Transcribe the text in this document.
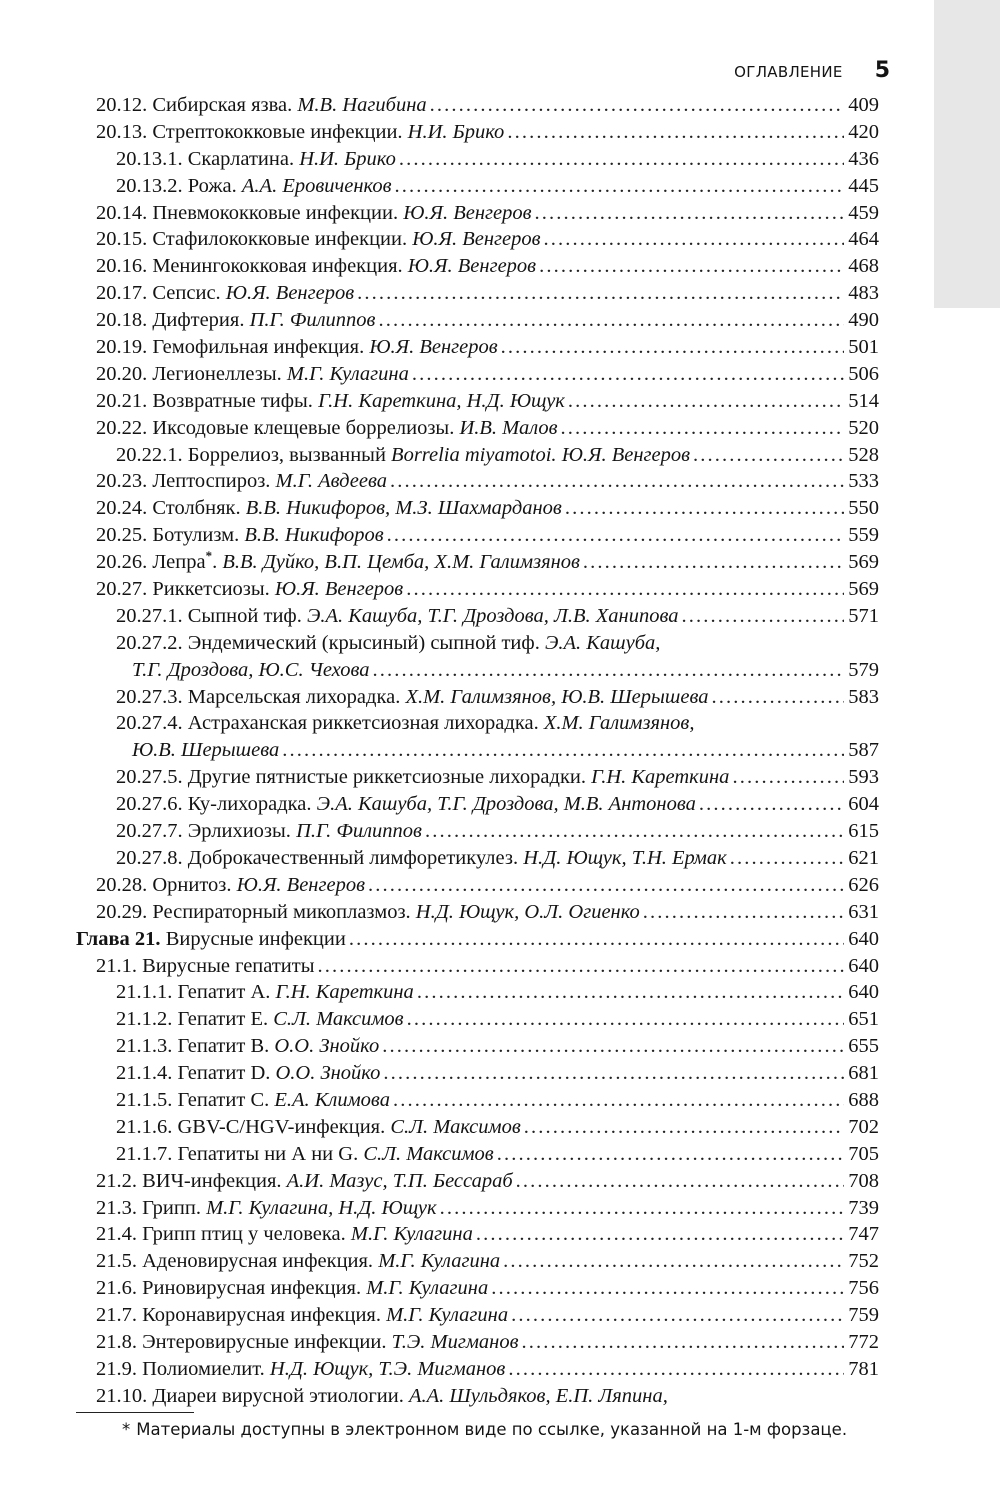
ОГЛАВЛЕНИЕ 5
20.12. Сибирская язва. М.В. Нагибина . . .	409
20.13. Стрептококковые инфекции. Н.И. Брико . . .	420
20.13.1. Скарлатина. Н.И. Брико . . .	436
20.13.2. Рожа. А.А. Еровиченков . . .	445
20.14. Пневмококковые инфекции. Ю.Я. Венгеров . . .	459
20.15. Стафилококковые инфекции. Ю.Я. Венгеров . . .	464
20.16. Менингококковая инфекция. Ю.Я. Венгеров . . .	468
20.17. Сепсис. Ю.Я. Венгеров . . .	483
20.18. Дифтерия. П.Г. Филиппов . . .	490
20.19. Гемофильная инфекция. Ю.Я. Венгеров . . .	501
20.20. Легионеллезы. М.Г. Кулагина . . .	506
20.21. Возвратные тифы. Г.Н. Кареткина, Н.Д. Ющук . . .	514
20.22. Иксодовые клещевые боррелиозы. И.В. Малов . . .	520
20.22.1. Боррелиоз, вызванный Borrelia miyamotoi. Ю.Я. Венгеров . . .	528
20.23. Лептоспироз. М.Г. Авдеева . . .	533
20.24. Столбняк. В.В. Никифоров, М.З. Шахмарданов . . .	550
20.25. Ботулизм. В.В. Никифоров . . .	559
20.26. Лепра*. В.В. Дуйко, В.П. Цемба, Х.М. Галимзянов . . .	569
20.27. Риккетсиозы. Ю.Я. Венгеров . . .	569
20.27.1. Сыпной тиф. Э.А. Кашуба, Т.Г. Дроздова, Л.В. Ханипова . . .	571
20.27.2. Эндемический (крысиный) сыпной тиф. Э.А. Кашуба,
Т.Г. Дроздова, Ю.С. Чехова . . .	579
20.27.3. Марсельская лихорадка. Х.М. Галимзянов, Ю.В. Шерышева . . .	583
20.27.4. Астраханская риккетсиозная лихорадка. Х.М. Галимзянов,
Ю.В. Шерышева . . .	587
20.27.5. Другие пятнистые риккетсиозные лихорадки. Г.Н. Кареткина . . .	593
20.27.6. Ку-лихорадка. Э.А. Кашуба, Т.Г. Дроздова, М.В. Антонова . . .	604
20.27.7. Эрлихиозы. П.Г. Филиппов . . .	615
20.27.8. Доброкачественный лимфоретикулез. Н.Д. Ющук, Т.Н. Ермак . . .	621
20.28. Орнитоз. Ю.Я. Венгеров . . .	626
20.29. Респираторный микоплазмоз. Н.Д. Ющук, О.Л. Огиенко . . .	631
Глава 21. Вирусные инфекции . . .	640
21.1. Вирусные гепатиты . . .	640
21.1.1. Гепатит А. Г.Н. Кареткина . . .	640
21.1.2. Гепатит Е. С.Л. Максимов . . .	651
21.1.3. Гепатит В. О.О. Знойко . . .	655
21.1.4. Гепатит D. О.О. Знойко . . .	681
21.1.5. Гепатит С. Е.А. Климова . . .	688
21.1.6. GBV-C/HGV-инфекция. С.Л. Максимов . . .	702
21.1.7. Гепатиты ни А ни G. С.Л. Максимов . . .	705
21.2. ВИЧ-инфекция. А.И. Мазус, Т.П. Бессараб . . .	708
21.3. Грипп. М.Г. Кулагина, Н.Д. Ющук . . .	739
21.4. Грипп птиц у человека. М.Г. Кулагина . . .	747
21.5. Аденовирусная инфекция. М.Г. Кулагина . . .	752
21.6. Риновирусная инфекция. М.Г. Кулагина . . .	756
21.7. Коронавирусная инфекция. М.Г. Кулагина . . .	759
21.8. Энтеровирусные инфекции. Т.Э. Мигманов . . .	772
21.9. Полиомиелит. Н.Д. Ющук, Т.Э. Мигманов . . .	781
21.10. Диареи вирусной этиологии. А.А. Шульдяков, Е.П. Ляпина,
* Материалы доступны в электронном виде по ссылке, указанной на 1-м форзаце.
